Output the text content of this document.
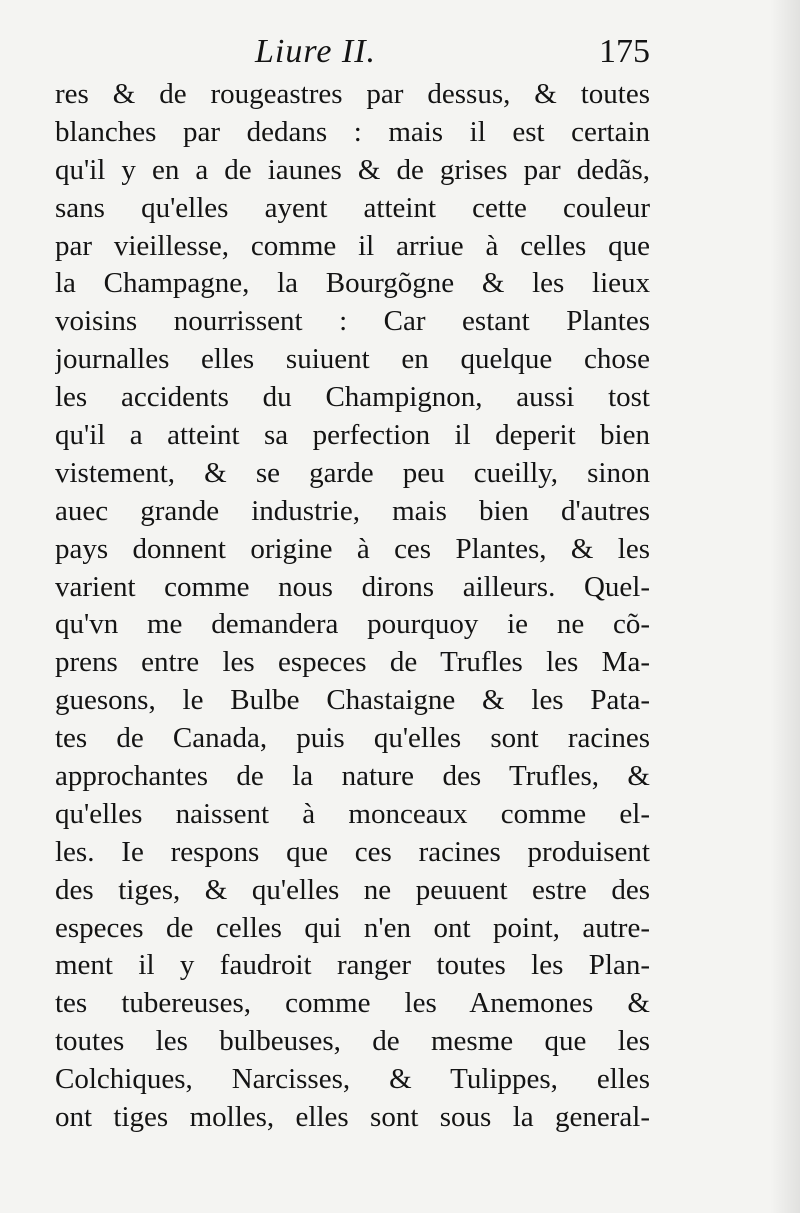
Liure II.	175
res & de rougeastres par dessus, & toutes
blanches par dedans : mais il est certain
qu'il y en a de iaunes & de grises par dedãs,
sans qu'elles ayent atteint cette couleur
par vieillesse, comme il arriue à celles que
la Champagne, la Bourgõgne & les lieux
voisins nourrissent : Car estant Plantes
journalles elles suiuent en quelque chose
les accidents du Champignon, aussi tost
qu'il a atteint sa perfection il deperit bien
vistement, & se garde peu cueilly, sinon
auec grande industrie, mais bien d'autres
pays donnent origine à ces Plantes, & les
varient comme nous dirons ailleurs. Quel-
qu'vn me demandera pourquoy ie ne cõ-
prens entre les especes de Trufles les Ma-
guesons, le Bulbe Chastaigne & les Pata-
tes de Canada, puis qu'elles sont racines
approchantes de la nature des Trufles, &
qu'elles naissent à monceaux comme el-
les. Ie respons que ces racines produisent
des tiges, & qu'elles ne peuuent estre des
especes de celles qui n'en ont point, autre-
ment il y faudroit ranger toutes les Plan-
tes tubereuses, comme les Anemones &
toutes les bulbeuses, de mesme que les
Colchiques, Narcisses, & Tulippes, elles
ont tiges molles, elles sont sous la general-
